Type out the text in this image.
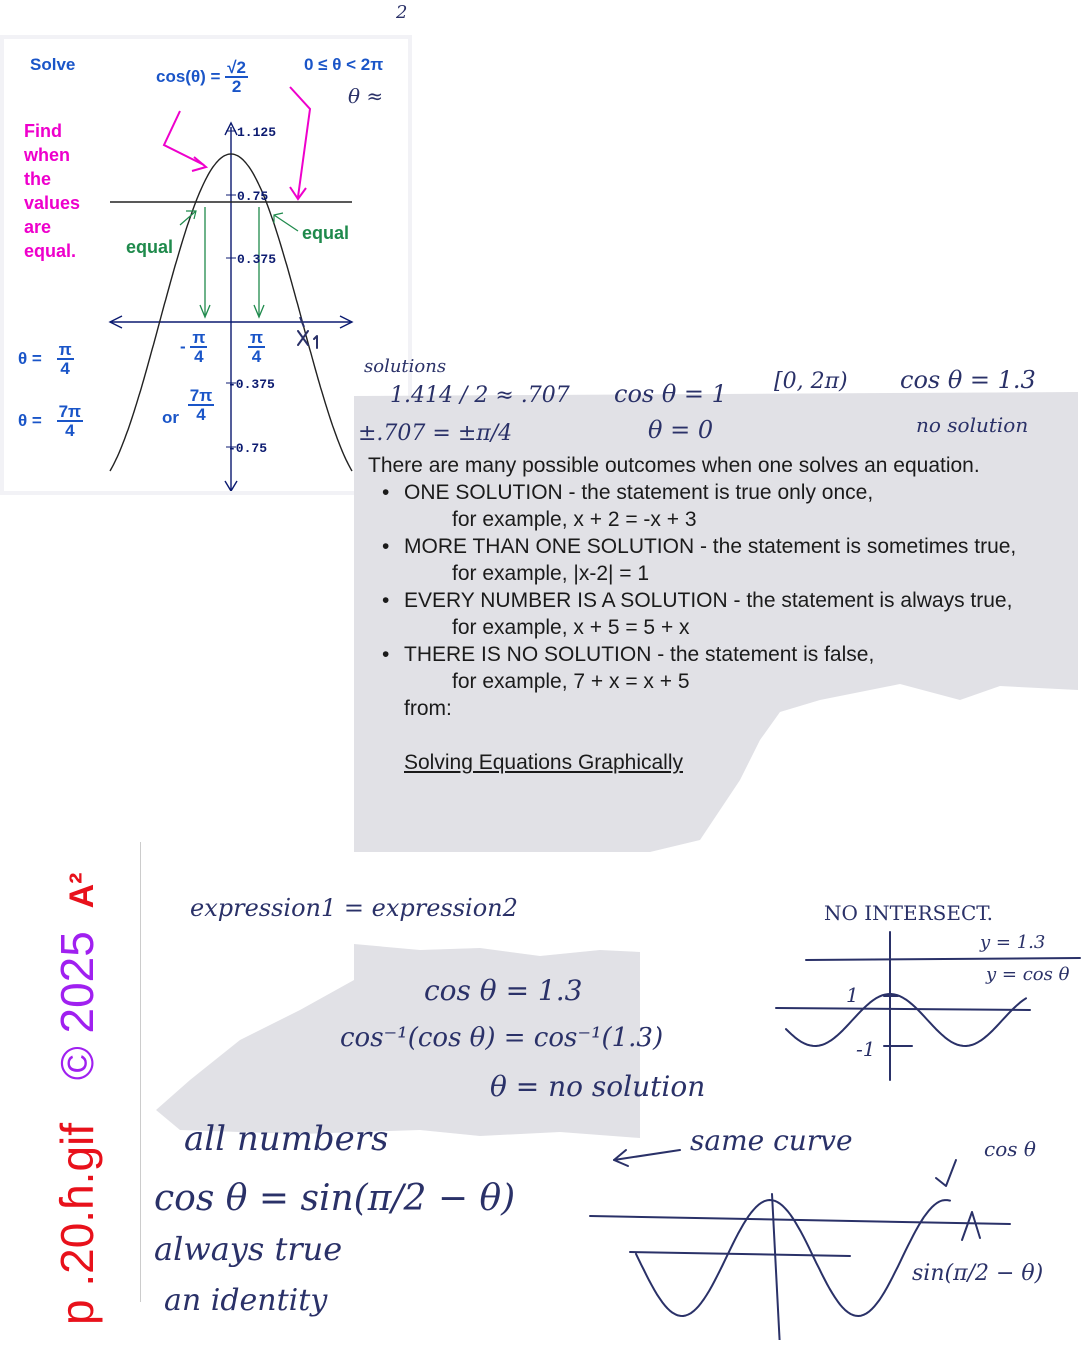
2
Solve
$\cos(\theta) = \frac{√2}{2}$	0 ≤ θ < 2π
θ ≈
Find
when
the
values
are
equal.	equal
equal
1.125
0.75
0.375
-0.375
-0.75
- $\frac{\pi}{4} \frac{\pi}{4}$
or $\frac{7\pi}{4}$
$\theta = \frac{\pi}{4}$
$\theta = \frac{7\pi}{4}$
solutions
1.414 / 2 ≈ .707
±.707 = ±π/4
cos θ = 1
θ = 0
[0, 2π) cos θ = 1.3
no solution
There are many possible outcomes when one solves an equation.
• ONE SOLUTION - the statement is true only once,
for example, x + 2 = -x + 3
• MORE THAN ONE SOLUTION - the statement is sometimes true,
for example, |x-2| = 1
• EVERY NUMBER IS A SOLUTION - the statement is always true,
for example, x + 5 = 5 + x
• THERE IS NO SOLUTION - the statement is false,
for example, 7 + x = x + 5
from:
Solving Equations Graphically
p .20.ɦ.gif © 2025 A²	expression1 = expression2	NO INTERSECT.
y = 1.3
y = cos θ
1
-1
cos θ = 1.3
cos⁻¹(cos θ) = cos⁻¹(1.3)
θ = no solution
all numbers	same curve	cos θ
cos θ = sin(π/2 − θ)
always true
an identity
sin(π/2 − θ)
